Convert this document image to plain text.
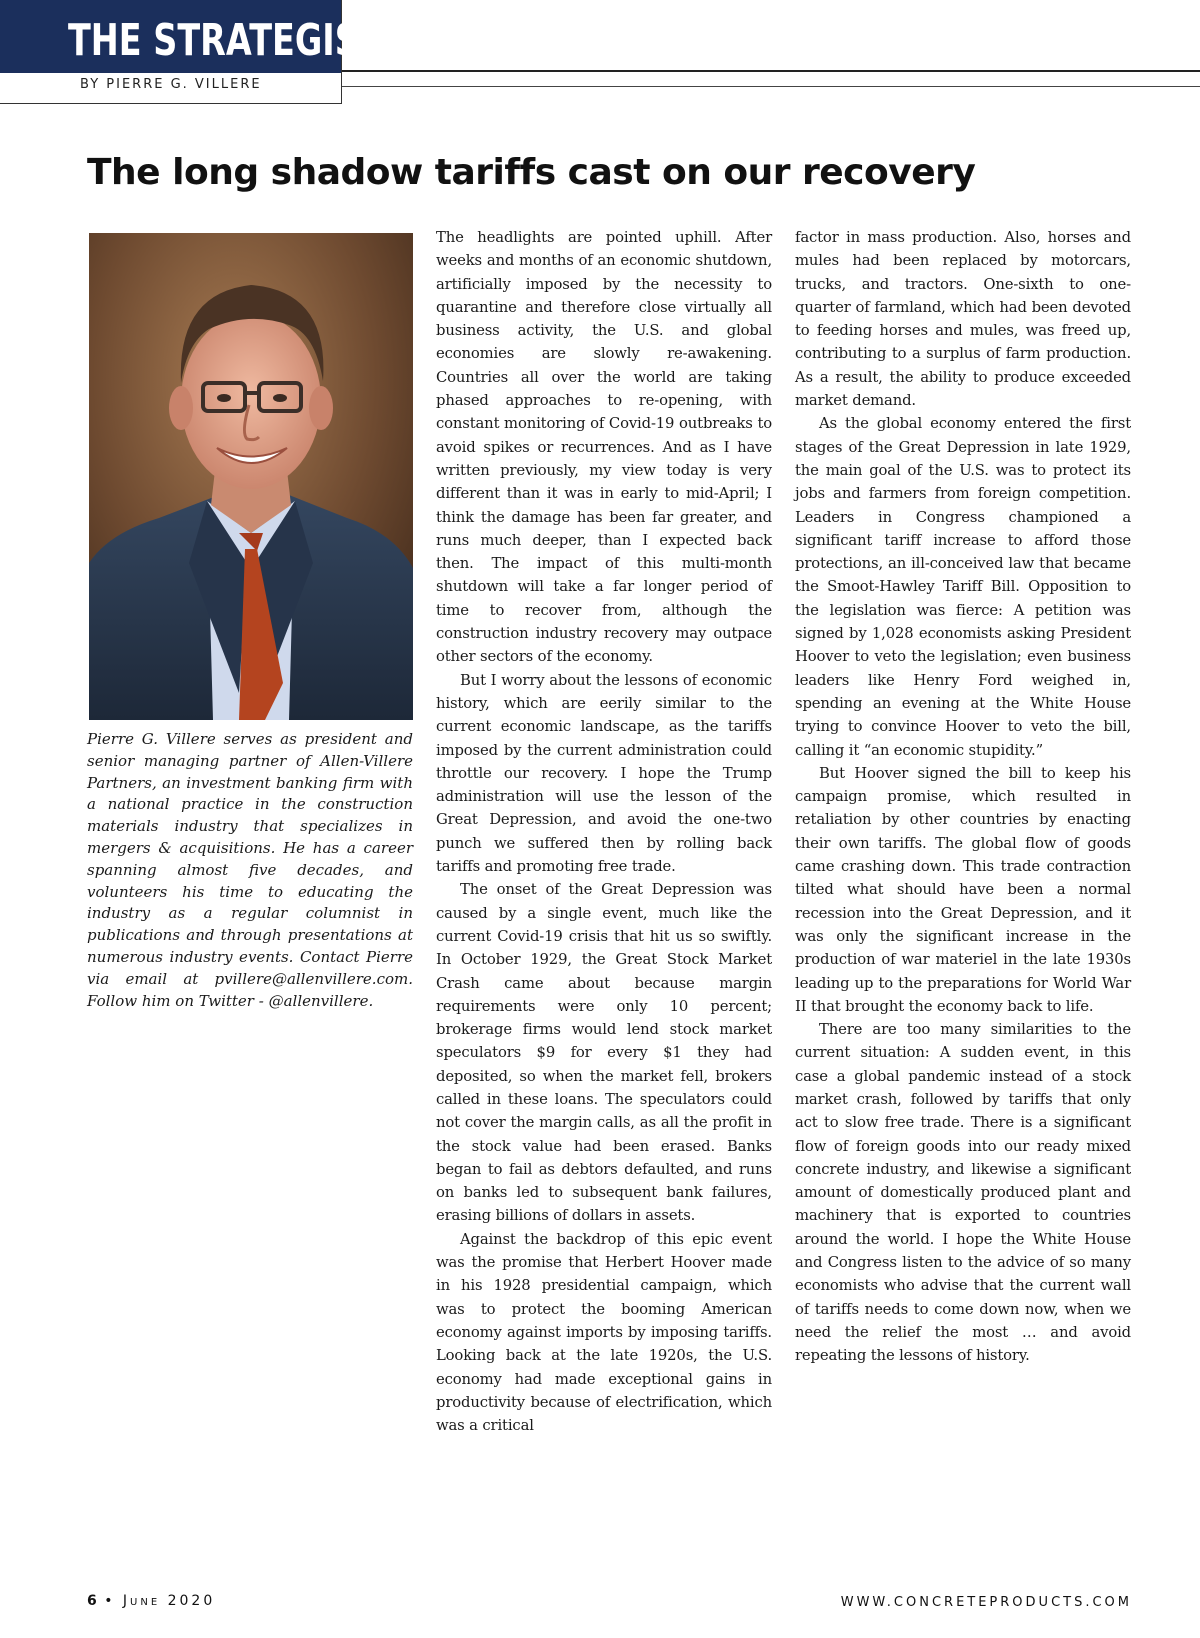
THE STRATEGIST

BY PIERRE G. VILLERE

The long shadow tariffs cast on our recovery

Pierre G. Villere serves as president and senior managing partner of Allen-Villere Partners, an investment banking firm with a national practice in the construction materials industry that specializes in mergers & acquisitions. He has a career spanning almost five decades, and volunteers his time to educating the industry as a regular columnist in publications and through presentations at numerous industry events. Contact Pierre via email at pvillere@allenvillere.com. Follow him on Twitter - @allenvillere.

The headlights are pointed uphill. After weeks and months of an economic shutdown, artificially imposed by the necessity to quarantine and therefore close virtually all business activity, the U.S. and global economies are slowly re-awakening. Countries all over the world are taking phased approaches to re-opening, with constant monitoring of Covid-19 outbreaks to avoid spikes or recurrences. And as I have written previously, my view today is very different than it was in early to mid-April; I think the damage has been far greater, and runs much deeper, than I expected back then. The impact of this multi-month shutdown will take a far longer period of time to recover from, although the construction industry recovery may outpace other sectors of the economy.

But I worry about the lessons of economic history, which are eerily similar to the current economic landscape, as the tariffs imposed by the current administration could throttle our recovery. I hope the Trump administration will use the lesson of the Great Depression, and avoid the one-two punch we suffered then by rolling back tariffs and promoting free trade.

The onset of the Great Depression was caused by a single event, much like the current Covid-19 crisis that hit us so swiftly. In October 1929, the Great Stock Market Crash came about because margin requirements were only 10 percent; brokerage firms would lend stock market speculators $9 for every $1 they had deposited, so when the market fell, brokers called in these loans. The speculators could not cover the margin calls, as all the profit in the stock value had been erased. Banks began to fail as debtors defaulted, and runs on banks led to subsequent bank failures, erasing billions of dollars in assets.

Against the backdrop of this epic event was the promise that Herbert Hoover made in his 1928 presidential campaign, which was to protect the booming American economy against imports by imposing tariffs. Looking back at the late 1920s, the U.S. economy had made exceptional gains in productivity because of electrification, which was a critical

factor in mass production. Also, horses and mules had been replaced by motorcars, trucks, and tractors. One-sixth to one-quarter of farmland, which had been devoted to feeding horses and mules, was freed up, contributing to a surplus of farm production. As a result, the ability to produce exceeded market demand.

As the global economy entered the first stages of the Great Depression in late 1929, the main goal of the U.S. was to protect its jobs and farmers from foreign competition. Leaders in Congress championed a significant tariff increase to afford those protections, an ill-conceived law that became the Smoot-Hawley Tariff Bill. Opposition to the legislation was fierce: A petition was signed by 1,028 economists asking President Hoover to veto the legislation; even business leaders like Henry Ford weighed in, spending an evening at the White House trying to convince Hoover to veto the bill, calling it “an economic stupidity.”

But Hoover signed the bill to keep his campaign promise, which resulted in retaliation by other countries by enacting their own tariffs. The global flow of goods came crashing down. This trade contraction tilted what should have been a normal recession into the Great Depression, and it was only the significant increase in the production of war materiel in the late 1930s leading up to the preparations for World War II that brought the economy back to life.

There are too many similarities to the current situation: A sudden event, in this case a global pandemic instead of a stock market crash, followed by tariffs that only act to slow free trade. There is a significant flow of foreign goods into our ready mixed concrete industry, and likewise a significant amount of domestically produced plant and machinery that is exported to countries around the world. I hope the White House and Congress listen to the advice of so many economists who advise that the current wall of tariffs needs to come down now, when we need the relief the most … and avoid repeating the lessons of history.

6 • June 2020	WWW.CONCRETEPRODUCTS.COM
